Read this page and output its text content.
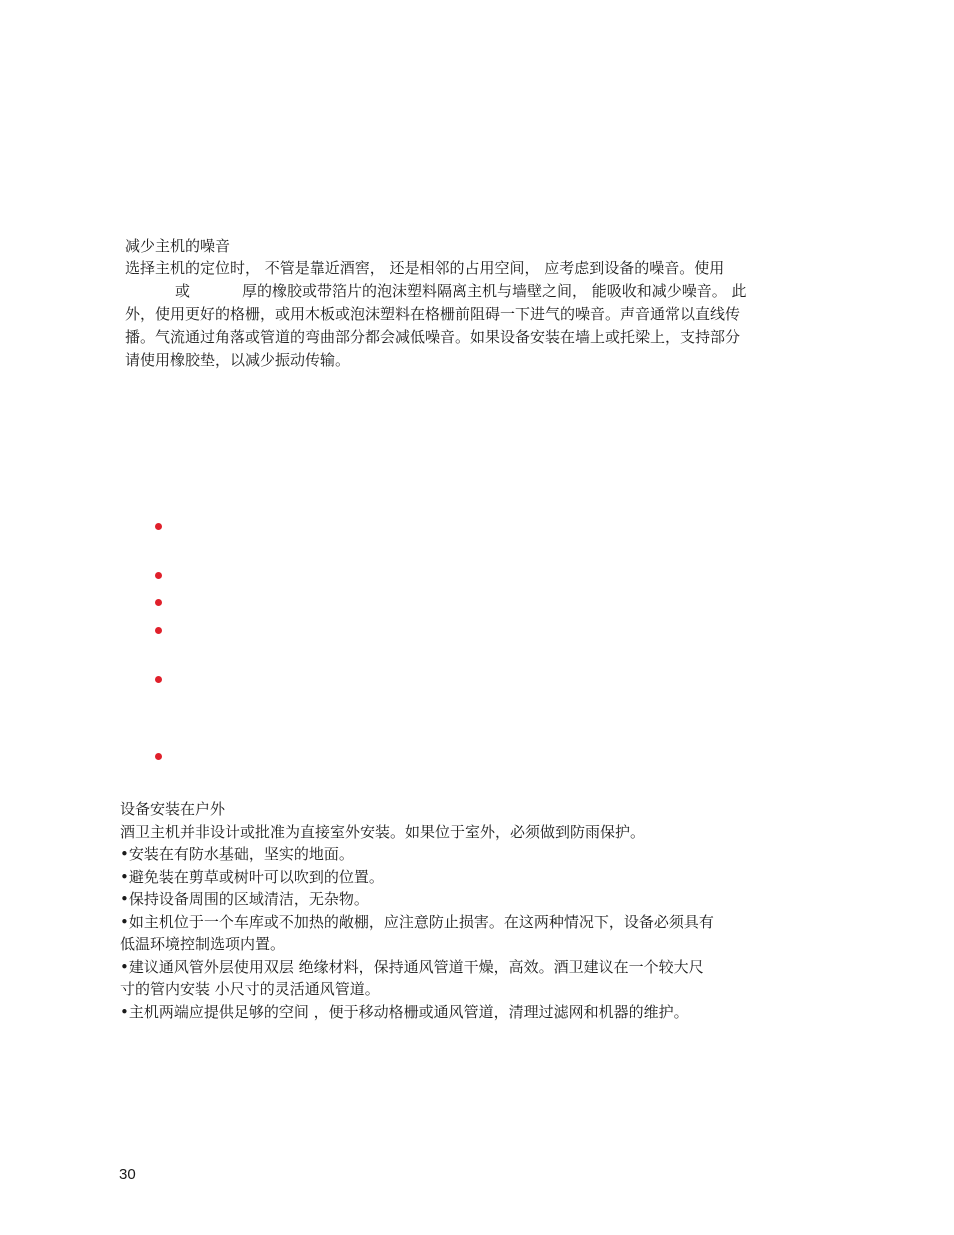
减少主机的噪音
选择主机的定位时， 不管是靠近酒窖， 还是相邻的占用空间， 应考虑到设备的噪音。使用
或	厚的橡胶或带箔片的泡沫塑料隔离主机与墙壁之间， 能吸收和减少噪音。 此
外，使用更好的格栅，或用木板或泡沫塑料在格栅前阻碍一下进气的噪音。声音通常以直线传
播。气流通过角落或管道的弯曲部分都会减低噪音。如果设备安装在墙上或托梁上，支持部分
请使用橡胶垫，以减少振动传输。
设备安装在户外
酒卫主机并非设计或批准为直接室外安装。如果位于室外，必须做到防雨保护。
•安装在有防水基础，坚实的地面。
•避免装在剪草或树叶可以吹到的位置。
•保持设备周围的区域清洁，无杂物。
•如主机位于一个车库或不加热的敞棚，应注意防止损害。在这两种情况下，设备必须具有
低温环境控制选项内置。
•建议通风管外层使用双层 绝缘材料，保持通风管道干燥，高效。酒卫建议在一个较大尺
寸的管内安装 小尺寸的灵活通风管道。
•主机两端应提供足够的空间 ，便于移动格栅或通风管道，清理过滤网和机器的维护。
30
